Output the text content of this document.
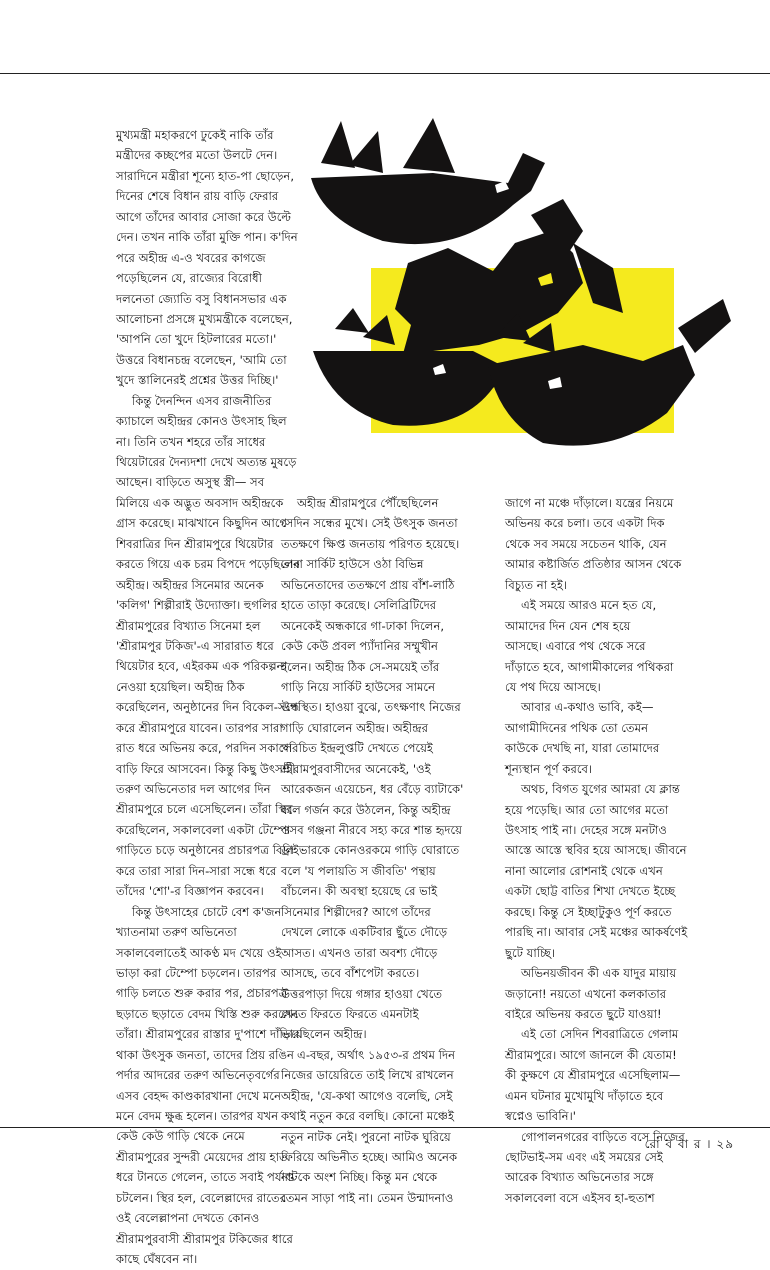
মুখ্যমন্ত্রী মহাকরণে ঢুকেই নাকি তাঁর
মন্ত্রীদের কচ্ছপের মতো উলটে দেন।
সারাদিনে মন্ত্রীরা শূন্যে হাত-পা ছোড়েন,
দিনের শেষে বিধান রায় বাড়ি ফেরার
আগে তাঁদের আবার সোজা করে উল্টে
দেন। তখন নাকি তাঁরা মুক্তি পান। ক'দিন
পরে অহীন্দ্র এ-ও খবরের কাগজে
পড়েছিলেন যে, রাজ্যের বিরোধী
দলনেতা জ্যোতি বসু বিধানসভার এক
আলোচনা প্রসঙ্গে মুখ্যমন্ত্রীকে বলেছেন,
'আপনি তো খুদে হিটলারের মতো।'
উত্তরে বিধানচন্দ্র বলেছেন, 'আমি তো
খুদে স্তালিনেরই প্রশ্নের উত্তর দিচ্ছি।'
কিন্তু দৈনন্দিন এসব রাজনীতির
ক্যাচালে অহীন্দ্রর কোনও উৎসাহ ছিল
না। তিনি তখন শহরে তাঁর সাধের
থিয়েটারের দৈন্যদশা দেখে অত্যন্ত মুষড়ে
আছেন। বাড়িতে অসুস্থ স্ত্রী— সব
মিলিয়ে এক অদ্ভুত অবসাদ অহীন্দ্রকে
গ্রাস করেছে। মাঝখানে কিছুদিন আগে
শিবরাত্রির দিন শ্রীরামপুরে থিয়েটার
করতে গিয়ে এক চরম বিপদে পড়েছিলেন
অহীন্দ্র। অহীন্দ্রর সিনেমার অনেক
'কলিগ' শিল্পীরাই উদ্যোক্তা। হুগলির
শ্রীরামপুরের বিখ্যাত সিনেমা হল
'শ্রীরামপুর টকিজ'-এ সারারাত ধরে
থিয়েটার হবে, এইরকম এক পরিকল্পনা
নেওয়া হয়েছিল। অহীন্দ্র ঠিক
করেছিলেন, অনুষ্ঠানের দিন বিকেল-সন্ধে
করে শ্রীরামপুরে যাবেন। তারপর সারা
রাত ধরে অভিনয় করে, পরদিন সকালে
বাড়ি ফিরে আসবেন। কিন্তু কিছু উৎসাহী
তরুণ অভিনেতার দল আগের দিন
শ্রীরামপুরে চলে এসেছিলেন। তাঁরা স্থির
করেছিলেন, সকালবেলা একটা টেম্পো
গাড়িতে চড়ে অনুষ্ঠানের প্রচারপত্র বিলি
করে তারা সারা দিন-সারা সন্ধে ধরে
তাঁদের 'শো'-র বিজ্ঞাপন করবেন।
কিন্তু উৎসাহের চোটে বেশ ক'জন
খ্যাতনামা তরুণ অভিনেতা
সকালবেলাতেই আকণ্ঠ মদ খেয়ে ওই
ভাড়া করা টেম্পো চড়লেন। তারপর
গাড়ি চলতে শুরু করার পর, প্রচারপত্র
ছড়াতে ছড়াতে বেদম খিস্তি শুরু করলেন
তাঁরা। শ্রীরামপুরের রাস্তার দু'পাশে দাঁড়িয়ে
থাকা উৎসুক জনতা, তাদের প্রিয় রঙিন
পর্দার আদরের তরুণ অভিনেতৃবর্গের
এসব বেহদ্দ কাণ্ডকারখানা দেখে মনে
মনে বেদম ক্ষুব্ধ হলেন। তারপর যখন
কেউ কেউ গাড়ি থেকে নেমে
শ্রীরামপুরের সুন্দরী মেয়েদের প্রায় হাত
ধরে টানতে গেলেন, তাতে সবাই পর্যাপ্ত
চটলেন। স্থির হল, বেলেল্লাদের রাতের
ওই বেলেল্লাপনা দেখতে কোনও
শ্রীরামপুরবাসী শ্রীরামপুর টকিজের ধারে
কাছে ঘেঁষবেন না।
অহীন্দ্র শ্রীরামপুরে পৌঁছেছিলেন
সেদিন সন্ধের মুখে। সেই উৎসুক জনতা
ততক্ষণে ক্ষিপ্ত জনতায় পরিণত হয়েছে।
তারা সার্কিট হাউসে ওঠা বিভিন্ন
অভিনেতাদের ততক্ষণে প্রায় বাঁশ-লাঠি
হাতে তাড়া করেছে। সেলিব্রিটিদের
অনেকেই অন্ধকারে গা-ঢাকা দিলেন,
কেউ কেউ প্রবল প্যাঁদানির সম্মুখীন
হলেন। অহীন্দ্র ঠিক সে-সময়েই তাঁর
গাড়ি নিয়ে সার্কিট হাউসের সামনে
উপস্থিত। হাওয়া বুঝে, তৎক্ষণাৎ নিজের
গাড়ি ঘোরালেন অহীন্দ্র। অহীন্দ্রর
পরিচিত ইন্দ্রলুপ্তটি দেখতে পেয়েই
শ্রীরামপুরবাসীদের অনেকেই, 'ওই
আরেকজন এয়েচেন, ধর বেঁড়ে ব্যাটাকে'
বলে গর্জন করে উঠলেন, কিন্তু অহীন্দ্র
ওসব গঞ্জনা নীরবে সহ্য করে শান্ত হৃদয়ে
ড্রাইভারকে কোনওরকমে গাড়ি ঘোরাতে
বলে 'য পলায়তি স জীবতি' পন্থায়
বাঁচলেন। কী অবস্থা হয়েছে রে ভাই
সিনেমার শিল্পীদের? আগে তাঁদের
দেখলে লোকে একটিবার ছুঁতে দৌড়ে
আসত। এখনও তারা অবশ্য দৌড়ে
আসছে, তবে বাঁশপেটা করতে।
উত্তরপাড়া দিয়ে গঙ্গার হাওয়া খেতে
খেতে ফিরতে ফিরতে এমনটাই
ভাবছিলেন অহীন্দ্র।
এ-বছর, অর্থাৎ ১৯৫৩-র প্রথম দিন
নিজের ডায়েরিতে তাই লিখে রাখলেন
অহীন্দ্র, 'যে-কথা আগেও বলেছি, সেই
কথাই নতুন করে বলছি। কোনো মঞ্চেই
নতুন নাটক নেই। পুরনো নাটক ঘুরিয়ে
ফিরিয়ে অভিনীত হচ্ছে। আমিও অনেক
নাটকে অংশ নিচ্ছি। কিন্তু মন থেকে
তেমন সাড়া পাই না। তেমন উন্মাদনাও
জাগে না মঞ্চে দাঁড়ালে। যন্ত্রের নিয়মে
অভিনয় করে চলা। তবে একটা দিক
থেকে সব সময়ে সচেতন থাকি, যেন
আমার কষ্টার্জিত প্রতিষ্ঠার আসন থেকে
বিচ্যুত না হই।
এই সময়ে আরও মনে হত যে,
আমাদের দিন যেন শেষ হয়ে
আসছে। এবারে পথ থেকে সরে
দাঁড়াতে হবে, আগামীকালের পথিকরা
যে পথ দিয়ে আসছে।
আবার এ-কথাও ভাবি, কই—
আগামীদিনের পথিক তো তেমন
কাউকে দেখছি না, যারা তোমাদের
শূন্যস্থান পূর্ণ করবে।
অথচ, বিগত যুগের আমরা যে ক্লান্ত
হয়ে পড়েছি। আর তো আগের মতো
উৎসাহ পাই না। দেহের সঙ্গে মনটাও
আস্তে আস্তে স্থবির হয়ে আসছে। জীবনে
নানা আলোর রোশনাই থেকে এখন
একটা ছোট্ট বাতির শিখা দেখতে ইচ্ছে
করছে। কিন্তু সে ইচ্ছাটুকুও পূর্ণ করতে
পারছি না। আবার সেই মঞ্চের আকর্ষণেই
ছুটে যাচ্ছি।
অভিনয়জীবন কী এক যাদুর মায়ায়
জড়ানো! নয়তো এখনো কলকাতার
বাইরে অভিনয় করতে ছুটে যাওয়া!
এই তো সেদিন শিবরাত্রিতে গেলাম
শ্রীরামপুরে। আগে জানলে কী যেতাম!
কী কুক্ষণে যে শ্রীরামপুরে এসেছিলাম—
এমন ঘটনার মুখোমুখি দাঁড়াতে হবে
স্বপ্নেও ভাবিনি।'
গোপালনগরের বাড়িতে বসে নিজের
ছোটভাই-সম এবং এই সময়ের সেই
আরেক বিখ্যাত অভিনেতার সঙ্গে
সকালবেলা বসে এইসব হা-হুতাশ
রো ব বা র । ২৯
